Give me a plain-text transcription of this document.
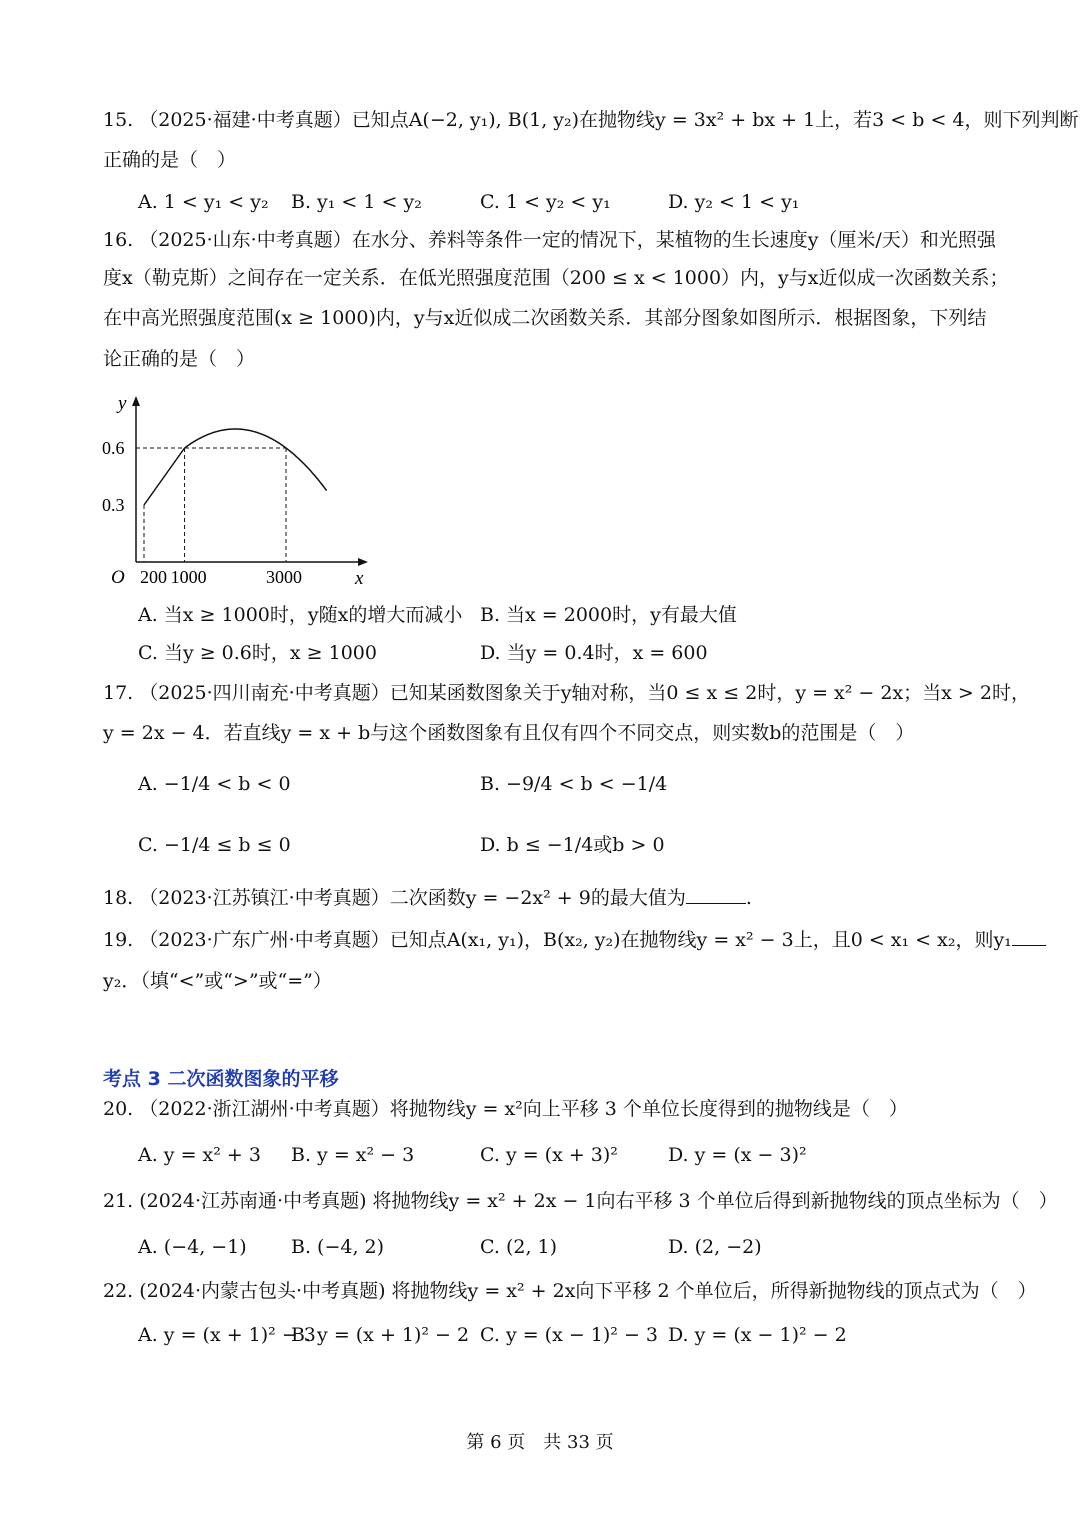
15. （2025·福建·中考真题）已知点A(−2, y₁), B(1, y₂)在抛物线y = 3x² + bx + 1上，若3 < b < 4，则下列判断
正确的是（　）
A. 1 < y₁ < y₂ B. y₁ < 1 < y₂	C. 1 < y₂ < y₁	D. y₂ < 1 < y₁
16. （2025·山东·中考真题）在水分、养料等条件一定的情况下，某植物的生长速度y（厘米/天）和光照强
度x（勒克斯）之间存在一定关系．在低光照强度范围（200 ≤ x < 1000）内，y与x近似成一次函数关系；
在中高光照强度范围(x ≥ 1000)内，y与x近似成二次函数关系．其部分图象如图所示．根据图象，下列结
论正确的是（　）
O	x
y
200 1000	3000
0.6
0.3
A. 当x ≥ 1000时，y随x的增大而减小 B. 当x = 2000时，y有最大值
C. 当y ≥ 0.6时，x ≥ 1000	D. 当y = 0.4时，x = 600
17. （2025·四川南充·中考真题）已知某函数图象关于y轴对称，当0 ≤ x ≤ 2时，y = x² − 2x；当x > 2时，
y = 2x − 4．若直线y = x + b与这个函数图象有且仅有四个不同交点，则实数b的范围是（　）
A. −1/4 < b < 0	B. −9/4 < b < −1/4
C. −1/4 ≤ b ≤ 0	D. b ≤ −1/4或b > 0
18. （2023·江苏镇江·中考真题）二次函数y = −2x² + 9的最大值为	.
19. （2023·广东广州·中考真题）已知点A(x₁, y₁)，B(x₂, y₂)在抛物线y = x² − 3上，且0 < x₁ < x₂，则y₁
y₂．（填“<”或“>”或“=”）
考点 3 二次函数图象的平移
20. （2022·浙江湖州·中考真题）将抛物线y = x²向上平移 3 个单位长度得到的抛物线是（　）
A. y = x² + 3 B. y = x² − 3	C. y = (x + 3)²	D. y = (x − 3)²
21. (2024·江苏南通·中考真题) 将抛物线y = x² + 2x − 1向右平移 3 个单位后得到新抛物线的顶点坐标为（　）
A. (−4, −1) B. (−4, 2)	C. (2, 1)	D. (2, −2)
22. (2024·内蒙古包头·中考真题) 将抛物线y = x² + 2x向下平移 2 个单位后，所得新抛物线的顶点式为（　）
A. y = (x + 1)² − 3
B. y = (x + 1)² − 2 C. y = (x − 1)² − 3 D. y = (x − 1)² − 2
第 6 页　共 33 页
